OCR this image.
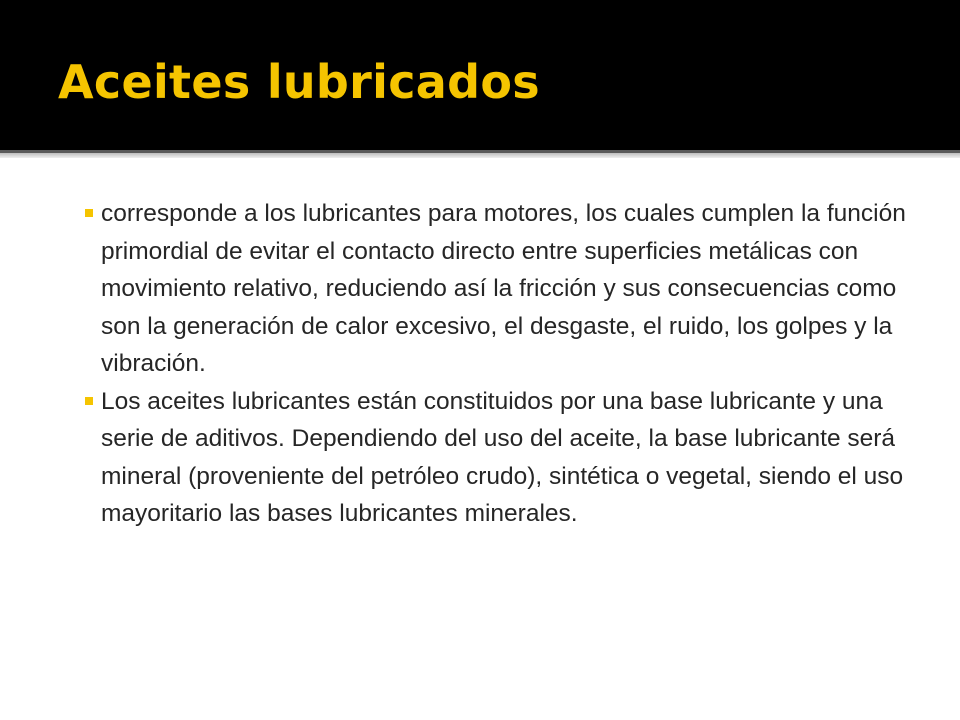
Aceites lubricados

corresponde a los lubricantes para motores, los cuales cumplen la función primordial de evitar el contacto directo entre superficies metálicas con movimiento relativo, reduciendo así la fricción y sus consecuencias como son la generación de calor excesivo, el desgaste, el ruido, los golpes y la vibración.

Los aceites lubricantes están constituidos por una base lubricante y una serie de aditivos. Dependiendo del uso del aceite, la base lubricante será mineral (proveniente del petróleo crudo), sintética o vegetal, siendo el uso mayoritario las bases lubricantes minerales.
